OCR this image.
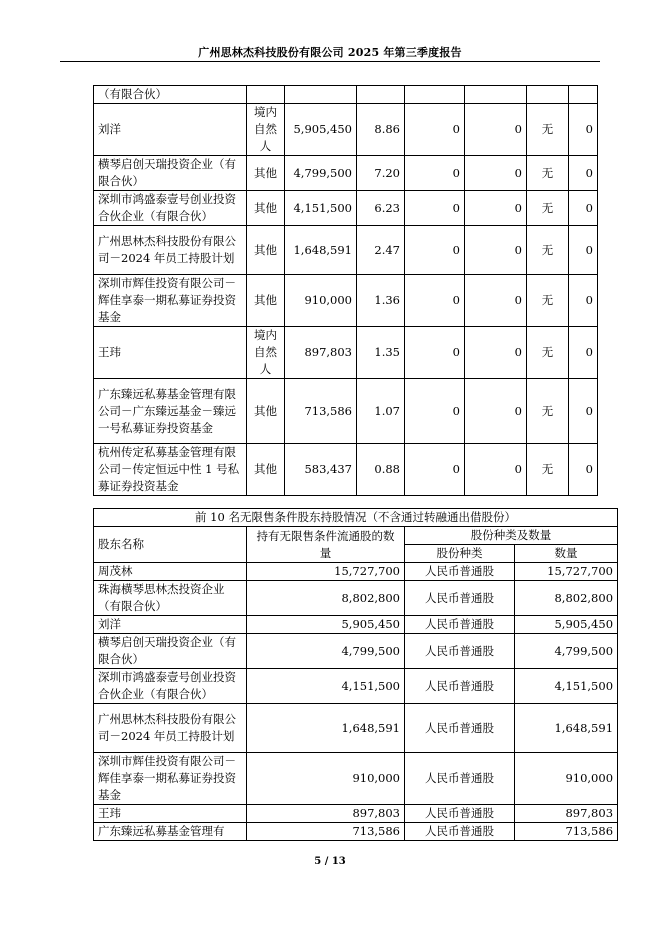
广州思林杰科技股份有限公司 2025 年第三季度报告
（有限合伙）							
刘洋	境内自然人	5,905,450	8.86	0	0	无	0
横琴启创天瑞投资企业（有限合伙）	其他	4,799,500	7.20	0	0	无	0
深圳市鸿盛泰壹号创业投资合伙企业（有限合伙）	其他	4,151,500	6.23	0	0	无	0
广州思林杰科技股份有限公司－2024 年员工持股计划	其他	1,648,591	2.47	0	0	无	0
深圳市辉佳投资有限公司－辉佳享泰一期私募证券投资基金	其他	910,000	1.36	0	0	无	0
王玮	境内自然人	897,803	1.35	0	0	无	0
广东臻远私募基金管理有限公司－广东臻远基金－臻远一号私募证券投资基金	其他	713,586	1.07	0	0	无	0
杭州传定私募基金管理有限公司－传定恒远中性 1 号私募证券投资基金	其他	583,437	0.88	0	0	无	0
前 10 名无限售条件股东持股情况（不含通过转融通出借股份）			
股东名称	持有无限售条件流通股的数量	股份种类及数量	
		股份种类	数量
周茂林	15,727,700	人民币普通股	15,727,700
珠海横琴思林杰投资企业（有限合伙）	8,802,800	人民币普通股	8,802,800
刘洋	5,905,450	人民币普通股	5,905,450
横琴启创天瑞投资企业（有限合伙）	4,799,500	人民币普通股	4,799,500
深圳市鸿盛泰壹号创业投资合伙企业（有限合伙）	4,151,500	人民币普通股	4,151,500
广州思林杰科技股份有限公司－2024 年员工持股计划	1,648,591	人民币普通股	1,648,591
深圳市辉佳投资有限公司－辉佳享泰一期私募证券投资基金	910,000	人民币普通股	910,000
王玮	897,803	人民币普通股	897,803
广东臻远私募基金管理有	713,586	人民币普通股	713,586
5 / 13
